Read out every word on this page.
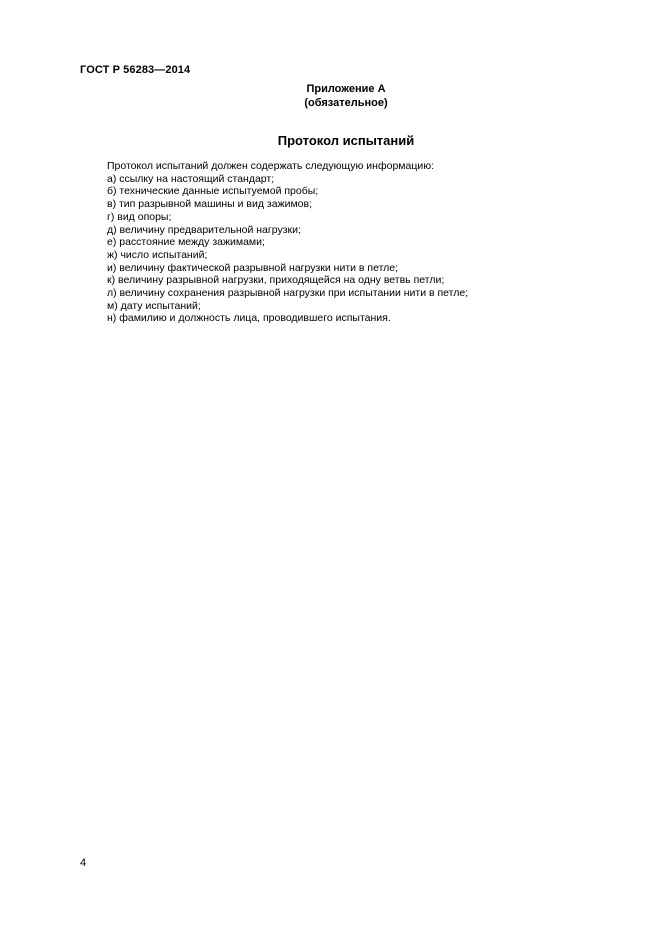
ГОСТ Р 56283—2014
Приложение А
(обязательное)
Протокол испытаний
Протокол испытаний должен содержать следующую информацию:
а) ссылку на настоящий стандарт;
б) технические данные испытуемой пробы;
в) тип разрывной машины и вид зажимов;
г) вид опоры;
д) величину предварительной нагрузки;
е) расстояние между зажимами;
ж) число испытаний;
и) величину фактической разрывной нагрузки нити в петле;
к) величину разрывной нагрузки, приходящейся на одну ветвь петли;
л) величину сохранения разрывной нагрузки при испытании нити в петле;
м) дату испытаний;
н) фамилию и должность лица, проводившего испытания.
4
